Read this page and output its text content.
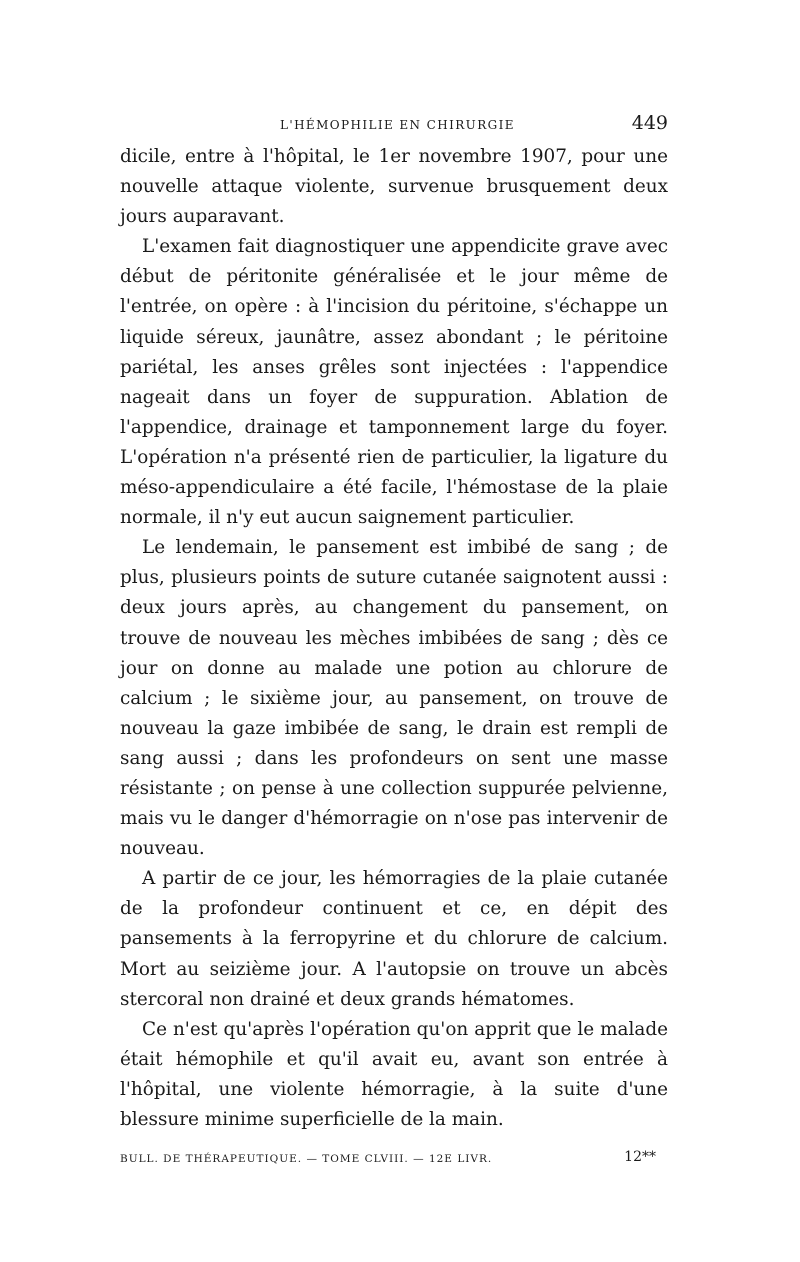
L'HÉMOPHILIE EN CHIRURGIE	449

dicile, entre à l'hôpital, le 1er novembre 1907, pour une nouvelle attaque violente, survenue brusquement deux jours auparavant.

L'examen fait diagnostiquer une appendicite grave avec début de péritonite généralisée et le jour même de l'entrée, on opère : à l'incision du péritoine, s'échappe un liquide séreux, jaunâtre, assez abondant ; le péritoine pariétal, les anses grêles sont injectées : l'appendice nageait dans un foyer de suppuration. Ablation de l'appendice, drainage et tamponnement large du foyer. L'opération n'a présenté rien de particulier, la ligature du méso-appendiculaire a été facile, l'hémostase de la plaie normale, il n'y eut aucun saignement particulier.

Le lendemain, le pansement est imbibé de sang ; de plus, plusieurs points de suture cutanée saignotent aussi : deux jours après, au changement du pansement, on trouve de nouveau les mèches imbibées de sang ; dès ce jour on donne au malade une potion au chlorure de calcium ; le sixième jour, au pansement, on trouve de nouveau la gaze imbibée de sang, le drain est rempli de sang aussi ; dans les profondeurs on sent une masse résistante ; on pense à une collection suppurée pelvienne, mais vu le danger d'hémorragie on n'ose pas intervenir de nouveau.

A partir de ce jour, les hémorragies de la plaie cutanée de la profondeur continuent et ce, en dépit des pansements à la ferropyrine et du chlorure de calcium. Mort au seizième jour. A l'autopsie on trouve un abcès stercoral non drainé et deux grands hématomes.

Ce n'est qu'après l'opération qu'on apprit que le malade était hémophile et qu'il avait eu, avant son entrée à l'hôpital, une violente hémorragie, à la suite d'une blessure minime superficielle de la main.

BULL. DE THÉRAPEUTIQUE. — TOME CLVIII. — 12E LIVR.	12**
